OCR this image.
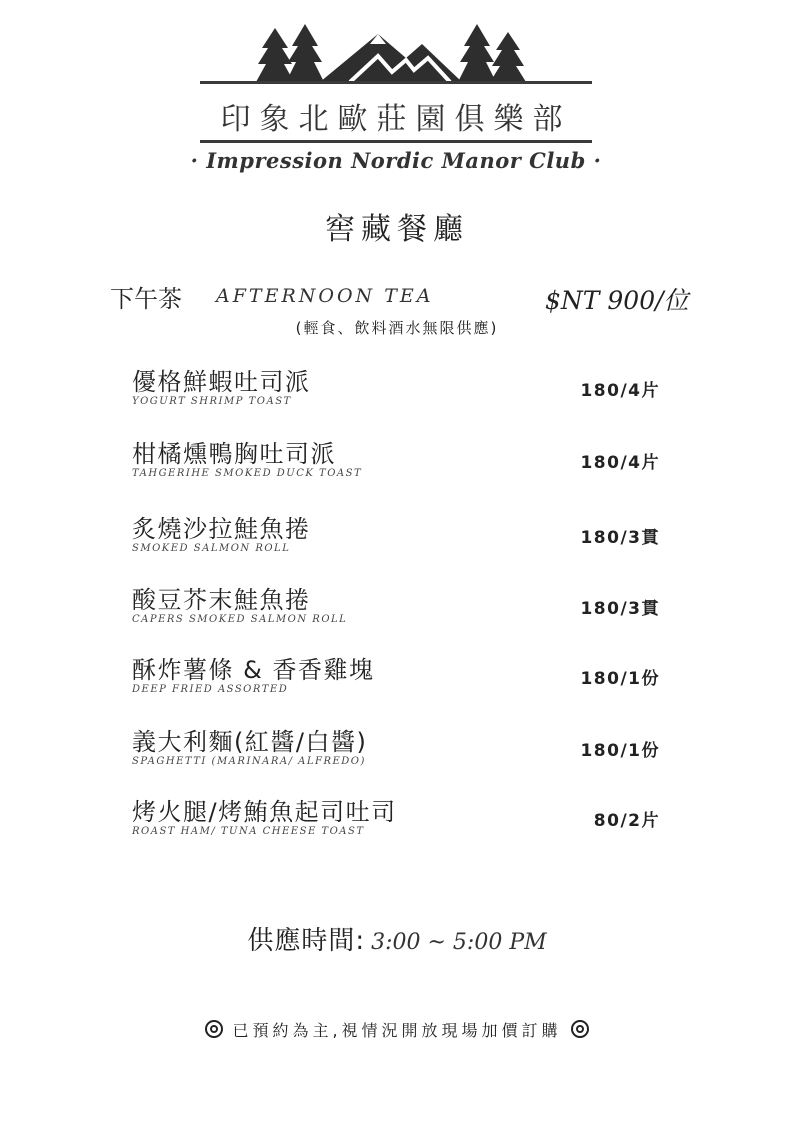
印象北歐莊園俱樂部
· Impression Nordic Manor Club ·
窖藏餐廳
下午茶 AFTERNOON TEA	$NT 900/位
(輕食、飲料酒水無限供應)
優格鮮蝦吐司派
YOGURT SHRIMP TOAST
180/4片
柑橘燻鴨胸吐司派
TAHGERIHE SMOKED DUCK TOAST
180/4片
炙燒沙拉鮭魚捲
SMOKED SALMON ROLL
180/3貫
酸豆芥末鮭魚捲
CAPERS SMOKED SALMON ROLL
180/3貫
酥炸薯條 & 香香雞塊
DEEP FRIED ASSORTED
180/1份
義大利麵(紅醬/白醬)
SPAGHETTI (MARINARA/ ALFREDO)
180/1份
烤火腿/烤鮪魚起司吐司
ROAST HAM/ TUNA CHEESE TOAST
80/2片
供應時間: 3:00 ~ 5:00 PM
已預約為主,視情況開放現場加價訂購
